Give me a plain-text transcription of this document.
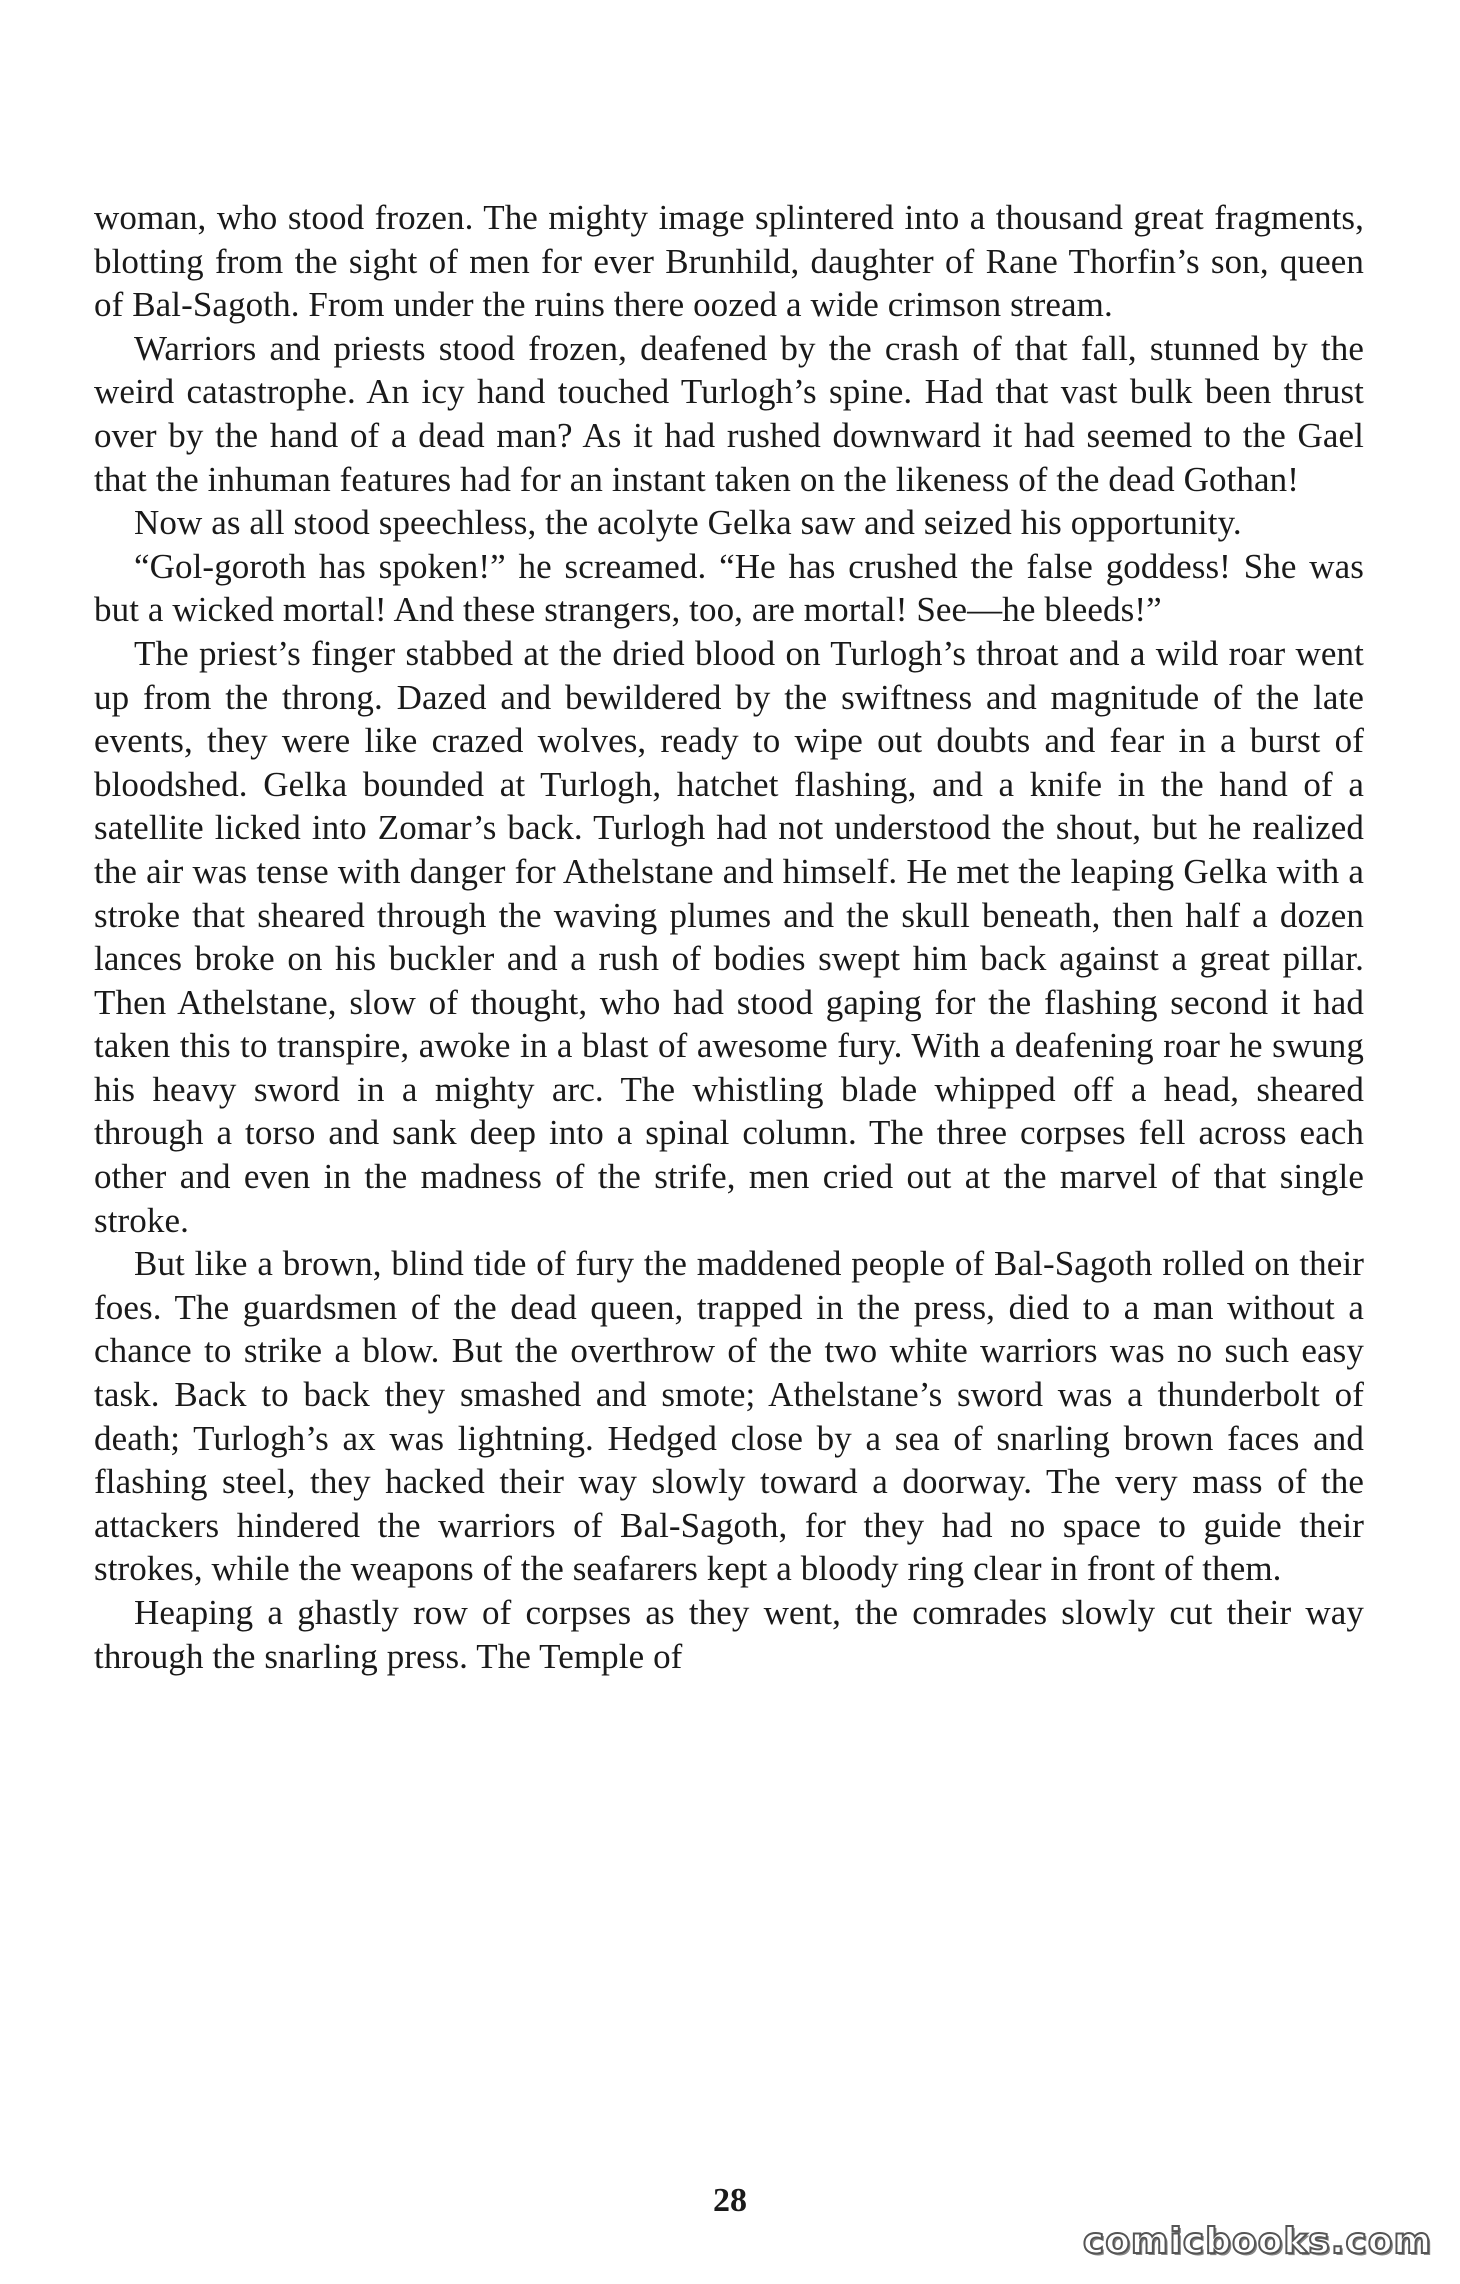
woman, who stood frozen. The mighty image splintered into a thousand great fragments, blotting from the sight of men for ever Brunhild, daughter of Rane Thorfin’s son, queen of Bal-Sagoth. From under the ruins there oozed a wide crimson stream.

Warriors and priests stood frozen, deafened by the crash of that fall, stunned by the weird catastrophe. An icy hand touched Turlogh’s spine. Had that vast bulk been thrust over by the hand of a dead man? As it had rushed downward it had seemed to the Gael that the inhuman features had for an instant taken on the likeness of the dead Gothan!

Now as all stood speechless, the acolyte Gelka saw and seized his opportunity.

“Gol-goroth has spoken!” he screamed. “He has crushed the false goddess! She was but a wicked mortal! And these strangers, too, are mortal! See—he bleeds!”

The priest’s finger stabbed at the dried blood on Turlogh’s throat and a wild roar went up from the throng. Dazed and bewildered by the swiftness and magnitude of the late events, they were like crazed wolves, ready to wipe out doubts and fear in a burst of bloodshed. Gelka bounded at Turlogh, hatchet flashing, and a knife in the hand of a satellite licked into Zomar’s back. Turlogh had not understood the shout, but he realized the air was tense with danger for Athelstane and himself. He met the leaping Gelka with a stroke that sheared through the waving plumes and the skull beneath, then half a dozen lances broke on his buckler and a rush of bodies swept him back against a great pillar. Then Athelstane, slow of thought, who had stood gaping for the flashing second it had taken this to transpire, awoke in a blast of awesome fury. With a deafening roar he swung his heavy sword in a mighty arc. The whistling blade whipped off a head, sheared through a torso and sank deep into a spinal column. The three corpses fell across each other and even in the madness of the strife, men cried out at the marvel of that single stroke.

But like a brown, blind tide of fury the maddened people of Bal-Sagoth rolled on their foes. The guardsmen of the dead queen, trapped in the press, died to a man without a chance to strike a blow. But the overthrow of the two white warriors was no such easy task. Back to back they smashed and smote; Athelstane’s sword was a thunderbolt of death; Turlogh’s ax was lightning. Hedged close by a sea of snarling brown faces and flashing steel, they hacked their way slowly toward a doorway. The very mass of the attackers hindered the warriors of Bal-Sagoth, for they had no space to guide their strokes, while the weapons of the seafarers kept a bloody ring clear in front of them.

Heaping a ghastly row of corpses as they went, the comrades slowly cut their way through the snarling press. The Temple of

28
comicbooks.com
